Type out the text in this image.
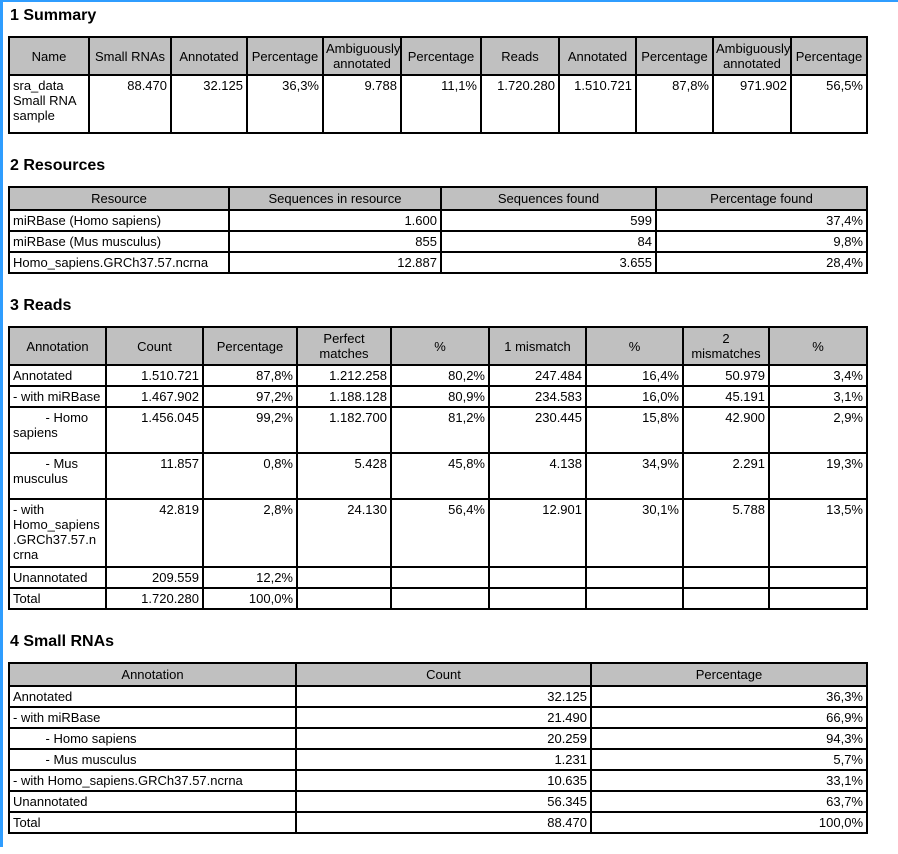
1 Summary
Name	Small RNAs	Annotated	Percentage	Ambiguously annotated	Percentage	Reads	Annotated	Percentage	Ambiguously annotated	Percentage
sra_data Small RNA sample	88.470	32.125	36,3%	9.788	11,1%	1.720.280	1.510.721	87,8%	971.902	56,5%
2 Resources
Resource	Sequences in resource	Sequences found	Percentage found
miRBase (Homo sapiens)	1.600	599	37,4%
miRBase (Mus musculus)	855	84	9,8%
Homo_sapiens.GRCh37.57.ncrna	12.887	3.655	28,4%
3 Reads
Annotation	Count	Percentage	Perfect matches	%	1 mismatch	%	2 mismatches	%
Annotated	1.510.721	87,8%	1.212.258	80,2%	247.484	16,4%	50.979	3,4%
- with miRBase	1.467.902	97,2%	1.188.128	80,9%	234.583	16,0%	45.191	3,1%
- Homo sapiens	1.456.045	99,2%	1.182.700	81,2%	230.445	15,8%	42.900	2,9%
- Mus musculus	11.857	0,8%	5.428	45,8%	4.138	34,9%	2.291	19,3%
- with Homo_sapiens.GRCh37.57.ncrna	42.819	2,8%	24.130	56,4%	12.901	30,1%	5.788	13,5%
Unannotated	209.559	12,2%						
Total	1.720.280	100,0%						
4 Small RNAs
Annotation	Count	Percentage
Annotated	32.125	36,3%
- with miRBase	21.490	66,9%
- Homo sapiens	20.259	94,3%
- Mus musculus	1.231	5,7%
- with Homo_sapiens.GRCh37.57.ncrna	10.635	33,1%
Unannotated	56.345	63,7%
Total	88.470	100,0%
